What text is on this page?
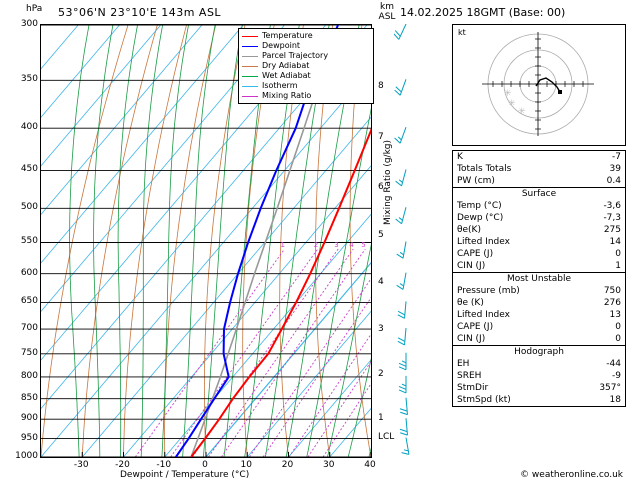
hPa 53°06'N 23°10'E 143m ASL	km
ASL 14.02.2025 18GMT (Base: 00)
1	2 3 4 5
Temperature
Dewpoint
Parcel Trajectory
Dry Adiabat
Wet Adiabat
Isotherm
Mixing Ratio
300
350
400
450
500
550
600
650
700
750
800
850
900
950
1000
-30	-20	-10	0	10	20	30	40
Dewpoint / Temperature (°C)
Mixing Ratio (g/kg)
8
7
6
5
4
3
2
1
LCL
✳
✳
✳
kt
K	-7
Totals Totals	39
PW (cm)	0.4
Surface
Temp (°C)	-3,6
Dewp (°C)	-7,3
θe(K)	275
Lifted Index	14
CAPE (J)	0
CIN (J)	1
Most Unstable
Pressure (mb)	750
θe (K)	276
Lifted Index	13
CAPE (J)	0
CIN (J)	0
Hodograph
EH	-44
SREH	-9
StmDir	357°
StmSpd (kt)	18
© weatheronline.co.uk
